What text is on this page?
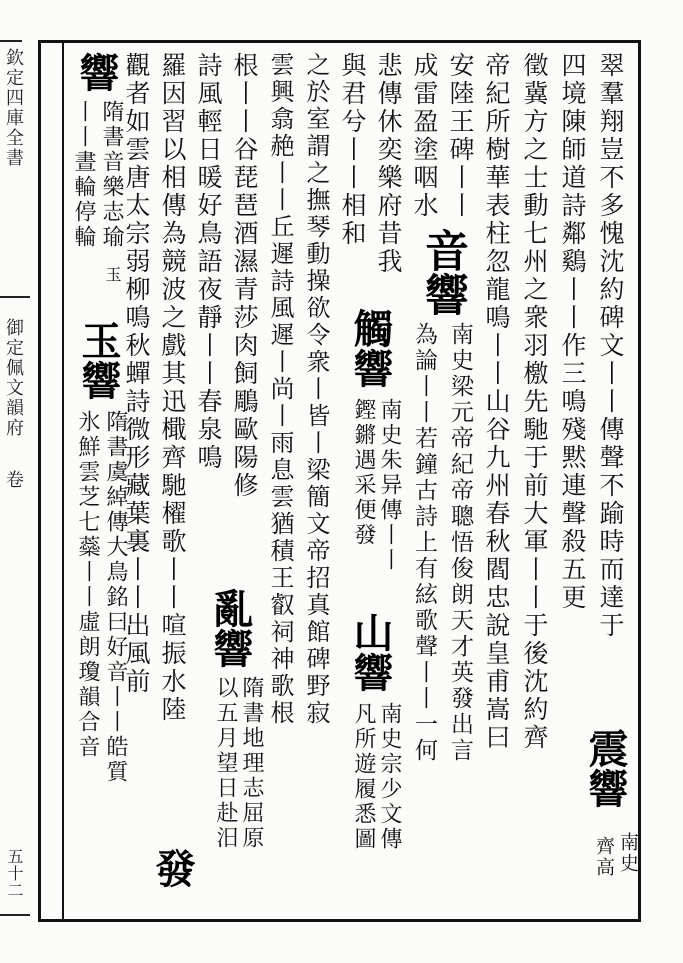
欽定四庫全書
御定佩文韻府
卷
五十二
翠羣翔豈不多愧沈約碑文丨丨傳聲不踰時而達于
震響
南史
齊高
四境陳師道詩鄰鷄丨丨作三鳴殘黙連聲殺五更
徵冀方之士動七州之衆羽檄先馳于前大軍丨丨于後沈約齊
帝紀所樹華表柱忽龍鳴丨丨山谷九州春秋閻忠說皇甫嵩曰
安陸王碑丨丨
成雷盈塗咽水
音響
南史梁元帝紀帝聰悟俊朗天才英發出言
為論丨丨若鐘古詩上有絃歌聲丨丨一何
悲傳休奕樂府昔我
與君兮丨丨相和
觸響
南史朱异傳丨丨
鏗鏘遇采便發
山響
南史宗少文傳
凡所遊履悉圖
之於室謂之撫琴動操欲令衆丨皆丨梁簡文帝招真館碑野寂
雲興翕赩丨丨丘遲詩風遲丨尚丨雨息雲猶積王叡祠神歌根
根丨丨谷琵琶酒濕青莎肉飼鵰歐陽修
詩風輕日暖好鳥語夜靜丨丨春泉鳴
亂響
隋書地理志屈原
以五月望日赴汨
羅因習以相傳為競波之戲其迅檝齊馳櫂歌丨丨喧振水陸
觀者如雲唐太宗弱柳鳴秋蟬詩微形藏葉裏丨丨出風前
發
響
隋書音樂志瑜
丨丨晝輪停輪
玉
玉響
隋書虞綽傳大鳥銘曰好音丨丨皓質
氷鮮雲芝七蘂丨丨虛朗瓊韻合音
